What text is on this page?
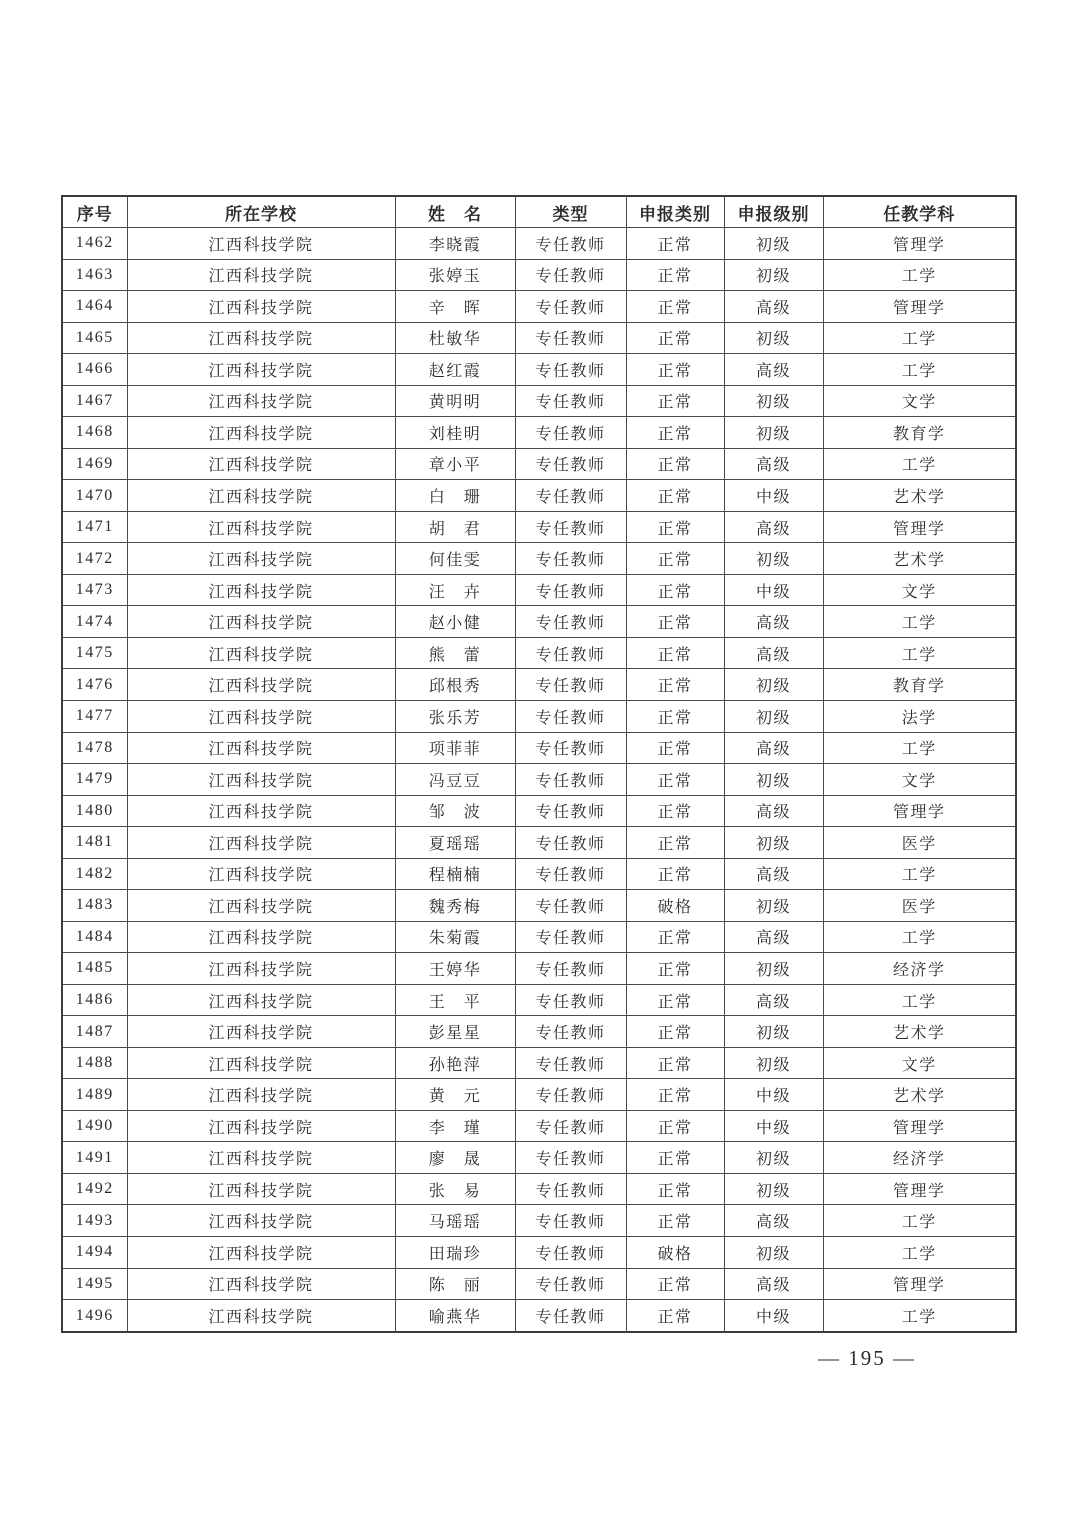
序号	所在学校	姓　名	类型	申报类别	申报级别	任教学科
1462	江西科技学院	李晓霞	专任教师	正常	初级	管理学
1463	江西科技学院	张婷玉	专任教师	正常	初级	工学
1464	江西科技学院	辛　晖	专任教师	正常	高级	管理学
1465	江西科技学院	杜敏华	专任教师	正常	初级	工学
1466	江西科技学院	赵红霞	专任教师	正常	高级	工学
1467	江西科技学院	黄明明	专任教师	正常	初级	文学
1468	江西科技学院	刘桂明	专任教师	正常	初级	教育学
1469	江西科技学院	章小平	专任教师	正常	高级	工学
1470	江西科技学院	白　珊	专任教师	正常	中级	艺术学
1471	江西科技学院	胡　君	专任教师	正常	高级	管理学
1472	江西科技学院	何佳雯	专任教师	正常	初级	艺术学
1473	江西科技学院	汪　卉	专任教师	正常	中级	文学
1474	江西科技学院	赵小健	专任教师	正常	高级	工学
1475	江西科技学院	熊　蕾	专任教师	正常	高级	工学
1476	江西科技学院	邱根秀	专任教师	正常	初级	教育学
1477	江西科技学院	张乐芳	专任教师	正常	初级	法学
1478	江西科技学院	项菲菲	专任教师	正常	高级	工学
1479	江西科技学院	冯豆豆	专任教师	正常	初级	文学
1480	江西科技学院	邹　波	专任教师	正常	高级	管理学
1481	江西科技学院	夏瑶瑶	专任教师	正常	初级	医学
1482	江西科技学院	程楠楠	专任教师	正常	高级	工学
1483	江西科技学院	魏秀梅	专任教师	破格	初级	医学
1484	江西科技学院	朱菊霞	专任教师	正常	高级	工学
1485	江西科技学院	王婷华	专任教师	正常	初级	经济学
1486	江西科技学院	王　平	专任教师	正常	高级	工学
1487	江西科技学院	彭星星	专任教师	正常	初级	艺术学
1488	江西科技学院	孙艳萍	专任教师	正常	初级	文学
1489	江西科技学院	黄　元	专任教师	正常	中级	艺术学
1490	江西科技学院	李　瑾	专任教师	正常	中级	管理学
1491	江西科技学院	廖　晟	专任教师	正常	初级	经济学
1492	江西科技学院	张　易	专任教师	正常	初级	管理学
1493	江西科技学院	马瑶瑶	专任教师	正常	高级	工学
1494	江西科技学院	田瑞珍	专任教师	破格	初级	工学
1495	江西科技学院	陈　丽	专任教师	正常	高级	管理学
1496	江西科技学院	喻燕华	专任教师	正常	中级	工学
— 195 —
